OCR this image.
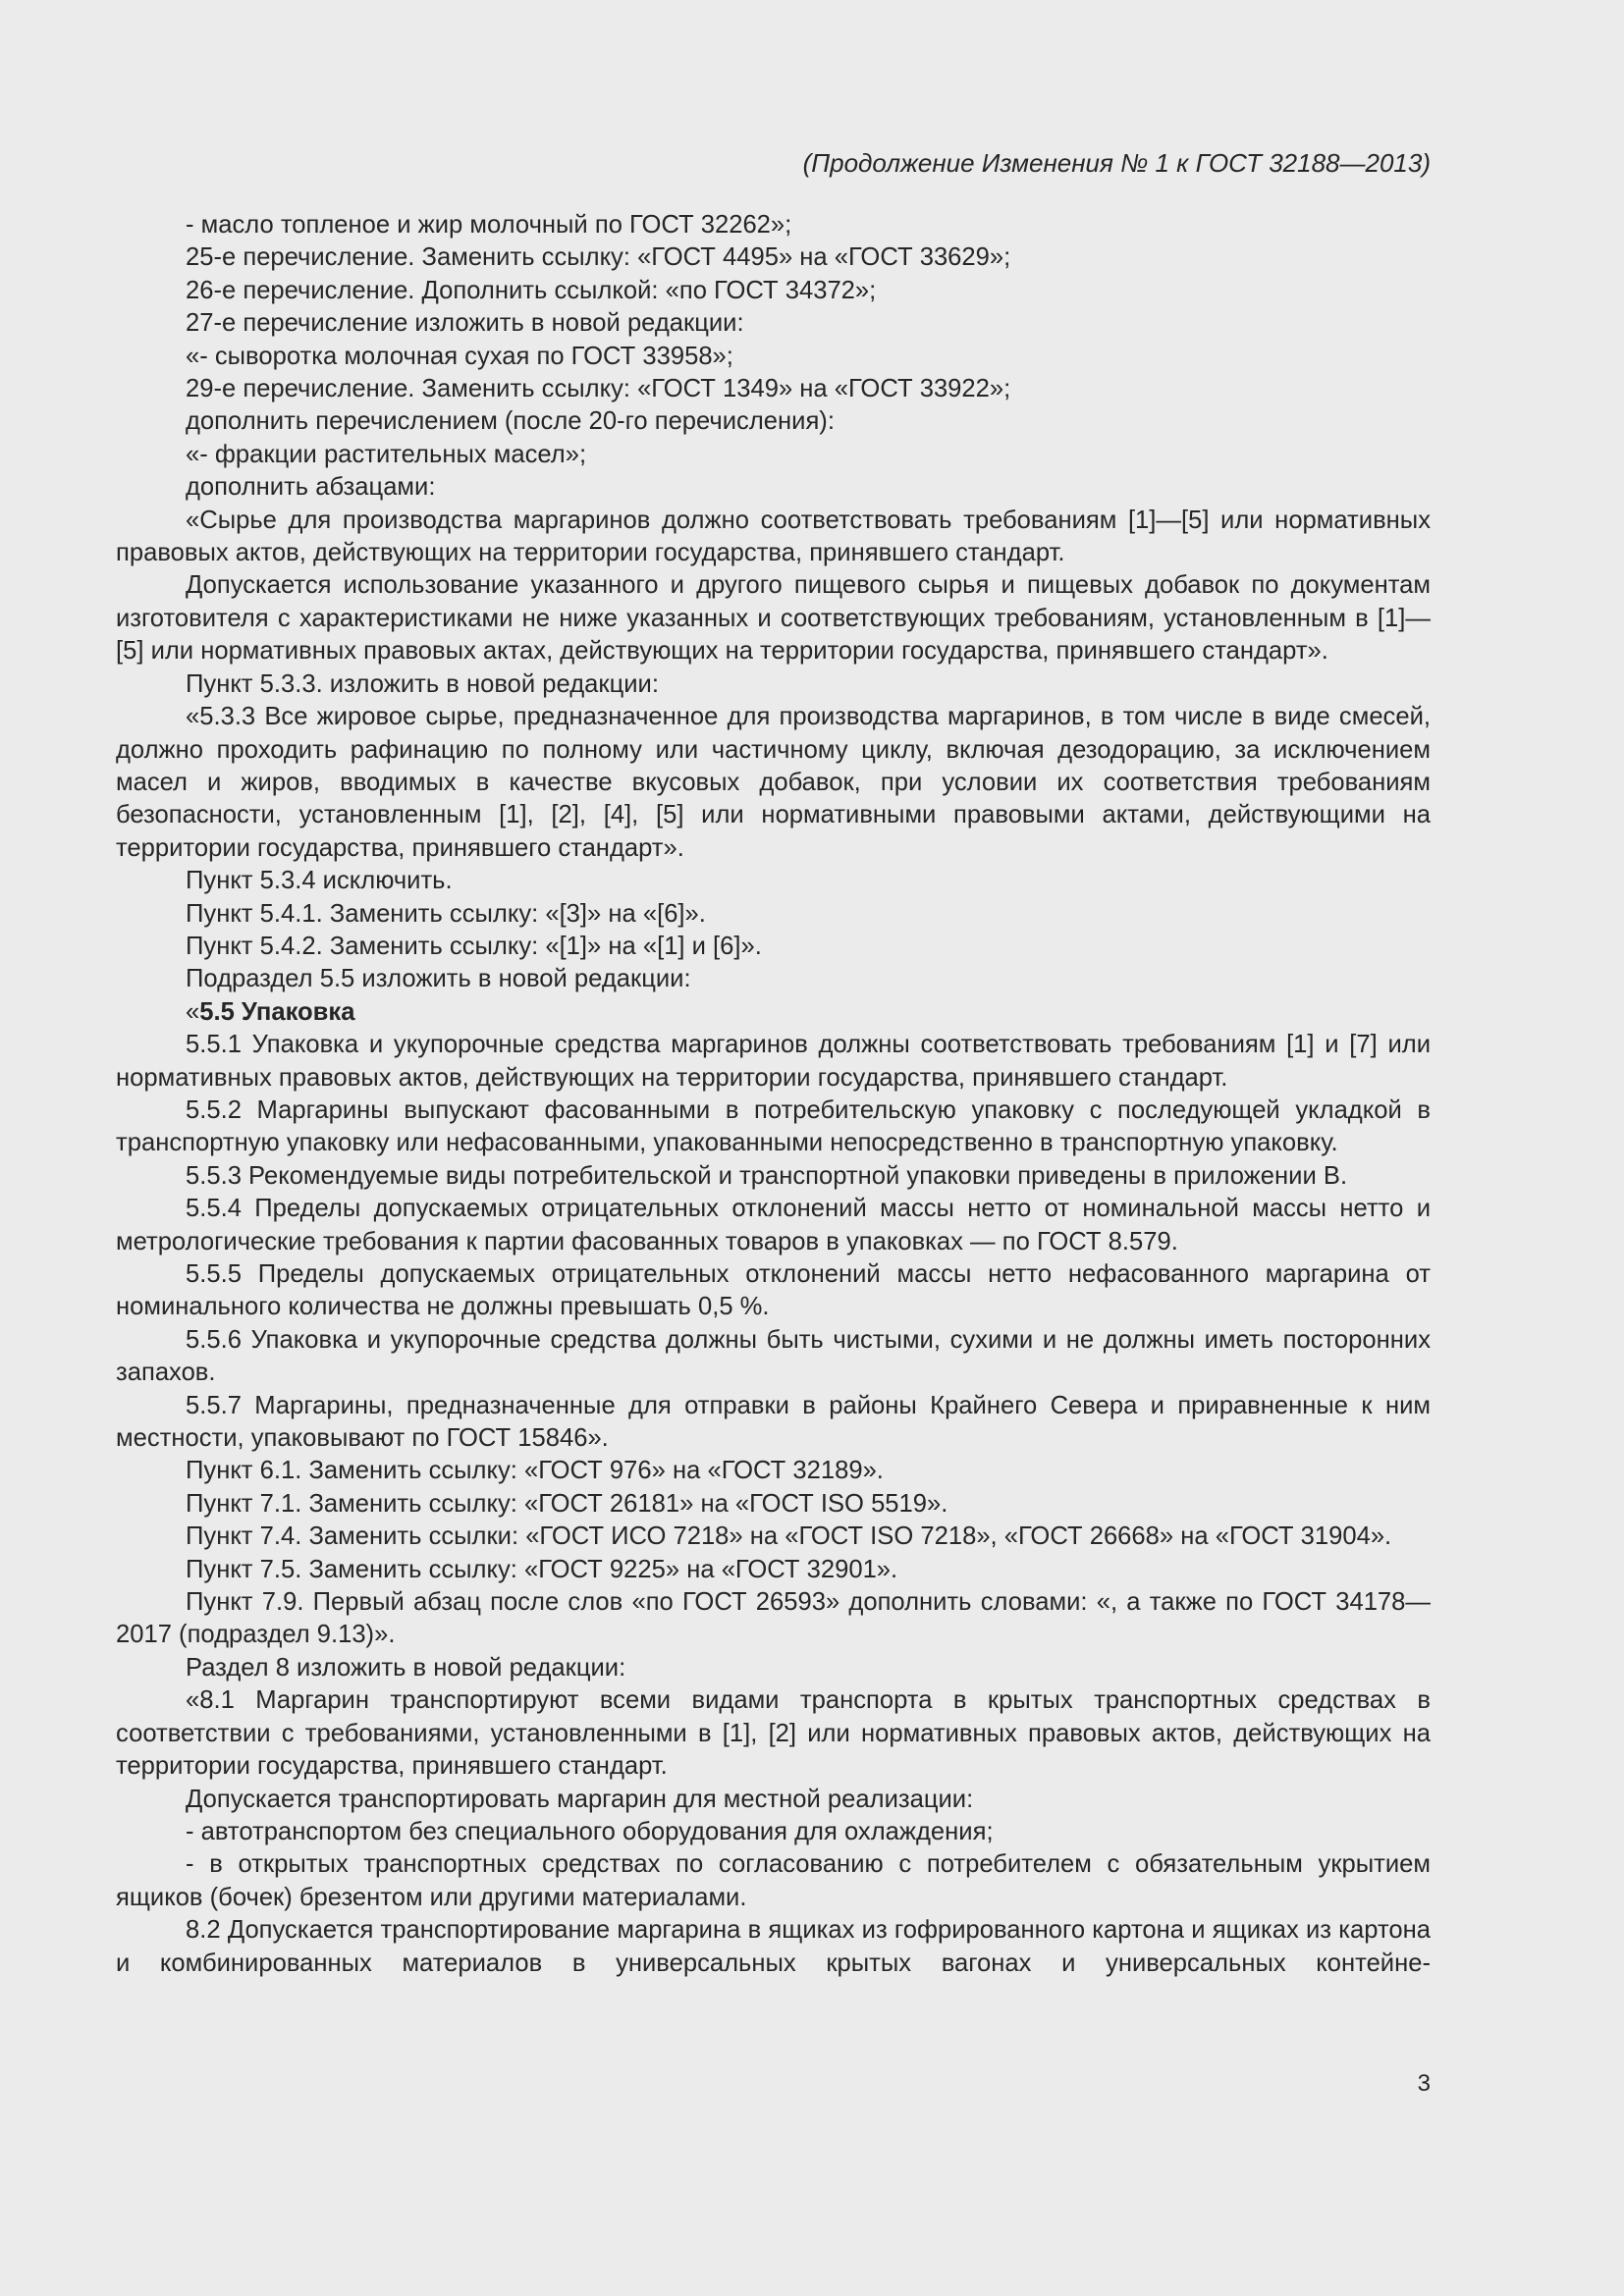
(Продолжение Изменения № 1 к ГОСТ 32188—2013)

- масло топленое и жир молочный по ГОСТ 32262»;

25-е перечисление. Заменить ссылку: «ГОСТ 4495» на «ГОСТ 33629»;

26-е перечисление. Дополнить ссылкой: «по ГОСТ 34372»;

27-е перечисление изложить в новой редакции:

«- сыворотка молочная сухая по ГОСТ 33958»;

29-е перечисление. Заменить ссылку: «ГОСТ 1349» на «ГОСТ 33922»;

дополнить перечислением (после 20-го перечисления):

«- фракции растительных масел»;

дополнить абзацами:

«Сырье для производства маргаринов должно соответствовать требованиям [1]—[5] или нормативных правовых актов, действующих на территории государства, принявшего стандарт.

Допускается использование указанного и другого пищевого сырья и пищевых добавок по документам изготовителя с характеристиками не ниже указанных и соответствующих требованиям, установленным в [1]—[5] или нормативных правовых актах, действующих на территории государства, принявшего стандарт».

Пункт 5.3.3. изложить в новой редакции:

«5.3.3 Все жировое сырье, предназначенное для производства маргаринов, в том числе в виде смесей, должно проходить рафинацию по полному или частичному циклу, включая дезодорацию, за исключением масел и жиров, вводимых в качестве вкусовых добавок, при условии их соответствия требованиям безопасности, установленным [1], [2], [4], [5] или нормативными правовыми актами, действующими на территории государства, принявшего стандарт».

Пункт 5.3.4 исключить.

Пункт 5.4.1. Заменить ссылку: «[3]» на «[6]».

Пункт 5.4.2. Заменить ссылку: «[1]» на «[1] и [6]».

Подраздел 5.5 изложить в новой редакции:

«5.5 Упаковка

5.5.1 Упаковка и укупорочные средства маргаринов должны соответствовать требованиям [1] и [7] или нормативных правовых актов, действующих на территории государства, принявшего стандарт.

5.5.2 Маргарины выпускают фасованными в потребительскую упаковку с последующей укладкой в транспортную упаковку или нефасованными, упакованными непосредственно в транспортную упаковку.

5.5.3 Рекомендуемые виды потребительской и транспортной упаковки приведены в приложении В.

5.5.4 Пределы допускаемых отрицательных отклонений массы нетто от номинальной массы нетто и метрологические требования к партии фасованных товаров в упаковках — по ГОСТ 8.579.

5.5.5 Пределы допускаемых отрицательных отклонений массы нетто нефасованного маргарина от номинального количества не должны превышать 0,5 %.

5.5.6 Упаковка и укупорочные средства должны быть чистыми, сухими и не должны иметь посторонних запахов.

5.5.7 Маргарины, предназначенные для отправки в районы Крайнего Севера и приравненные к ним местности, упаковывают по ГОСТ 15846».

Пункт 6.1. Заменить ссылку: «ГОСТ 976» на «ГОСТ 32189».

Пункт 7.1. Заменить ссылку: «ГОСТ 26181» на «ГОСТ ISO 5519».

Пункт 7.4. Заменить ссылки: «ГОСТ ИСО 7218» на «ГОСТ ISO 7218», «ГОСТ 26668» на «ГОСТ 31904».

Пункт 7.5. Заменить ссылку: «ГОСТ 9225» на «ГОСТ 32901».

Пункт 7.9. Первый абзац после слов «по ГОСТ 26593» дополнить словами: «, а также по ГОСТ 34178—2017 (подраздел 9.13)».

Раздел 8 изложить в новой редакции:

«8.1 Маргарин транспортируют всеми видами транспорта в крытых транспортных средствах в соответствии с требованиями, установленными в [1], [2] или нормативных правовых актов, действующих на территории государства, принявшего стандарт.

Допускается транспортировать маргарин для местной реализации:

- автотранспортом без специального оборудования для охлаждения;

- в открытых транспортных средствах по согласованию с потребителем с обязательным укрытием ящиков (бочек) брезентом или другими материалами.

8.2 Допускается транспортирование маргарина в ящиках из гофрированного картона и ящиках из картона и комбинированных материалов в универсальных крытых вагонах и универсальных контейне-

3
